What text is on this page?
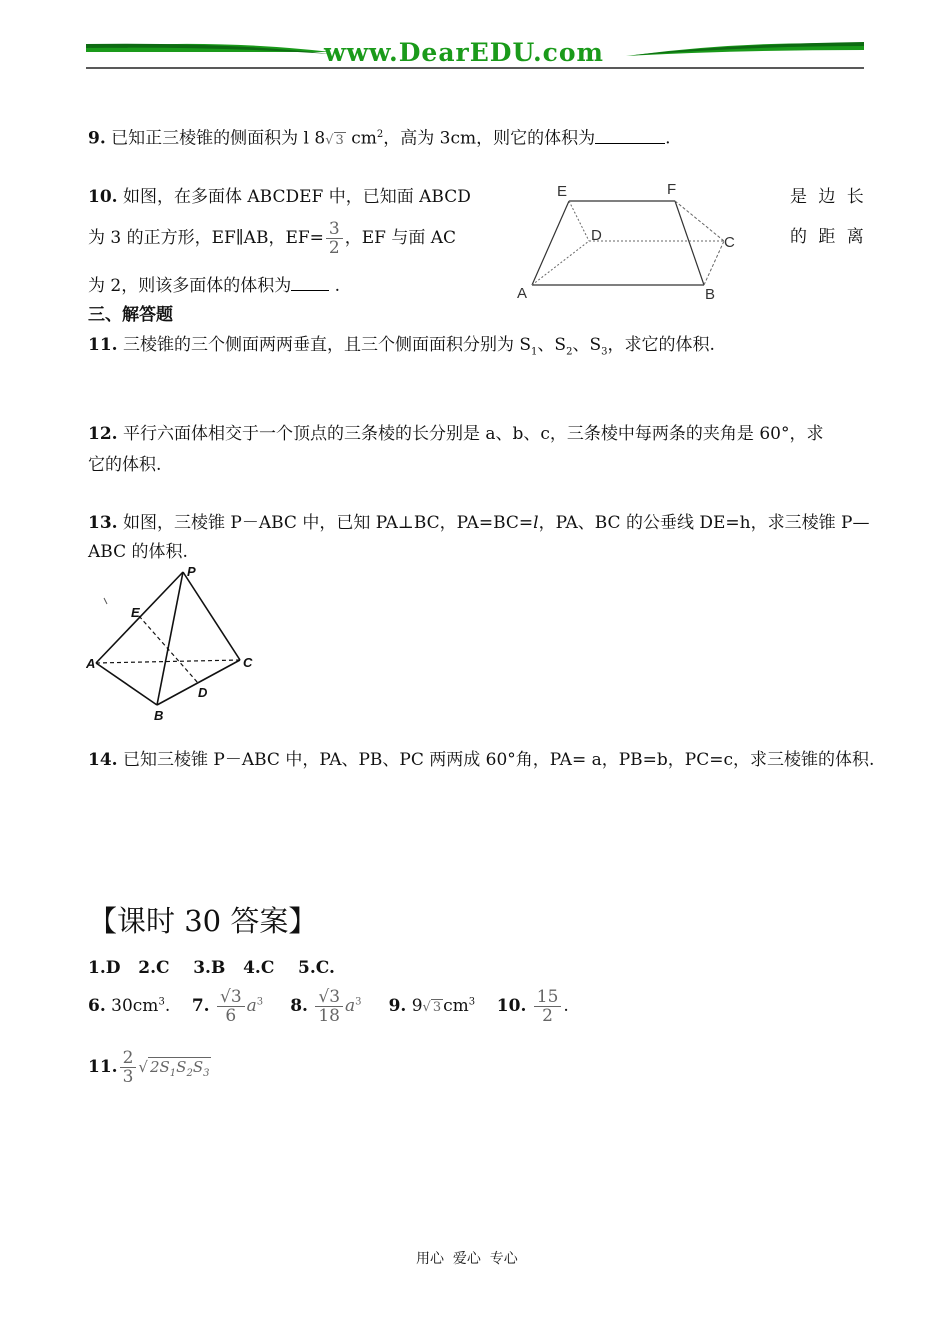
www.DearEDU.com
9. 已知正三棱锥的侧面积为 l 8√ 3 $cm^2$，高为 3cm，则它的体积为	.
10. 如图，在多面体 ABCDEF 中，已知面 ABCD	是 边 长
为 3 的正方形，EF∥AB，$EF= \frac{3}{2}$ ，EF 与面 AC	的 距 离
为 2，则该多面体的体积为 .
E	F
D	C
A	B
三、解答题
11. 三棱锥的三个侧面两两垂直，且三个侧面面积分别为 $S_1$、$S_2$、$S_3$，求它的体积.
12. 平行六面体相交于一个顶点的三条棱的长分别是 a、b、c，三条棱中每两条的夹角是 60°，求
它的体积.
13. 如图，三棱锥 P－ABC 中，已知 PA⊥BC，PA=BC=l，PA、BC 的公垂线 DE=h，求三棱锥 P—
ABC 的体积.
P
E
A	C
D
B
14. 已知三棱锥 P－ABC 中，PA、PB、PC 两两成 60°角，PA= a，PB=b，PC=c，求三棱锥的体积.
【课时 30 答案】
1.D   2.C    3.B   4.C    5.C.
6. $30cm^3$. 7. $\frac{√3}{6} a^3$ 8. $\frac{√3}{18} a^3$ 9. 9√ 3 $cm^3$ 10. $\frac{15}{2}$ .
11. $\frac{2}{3}$ √ $2S_1S_2S_3$
用心  爱心  专心
